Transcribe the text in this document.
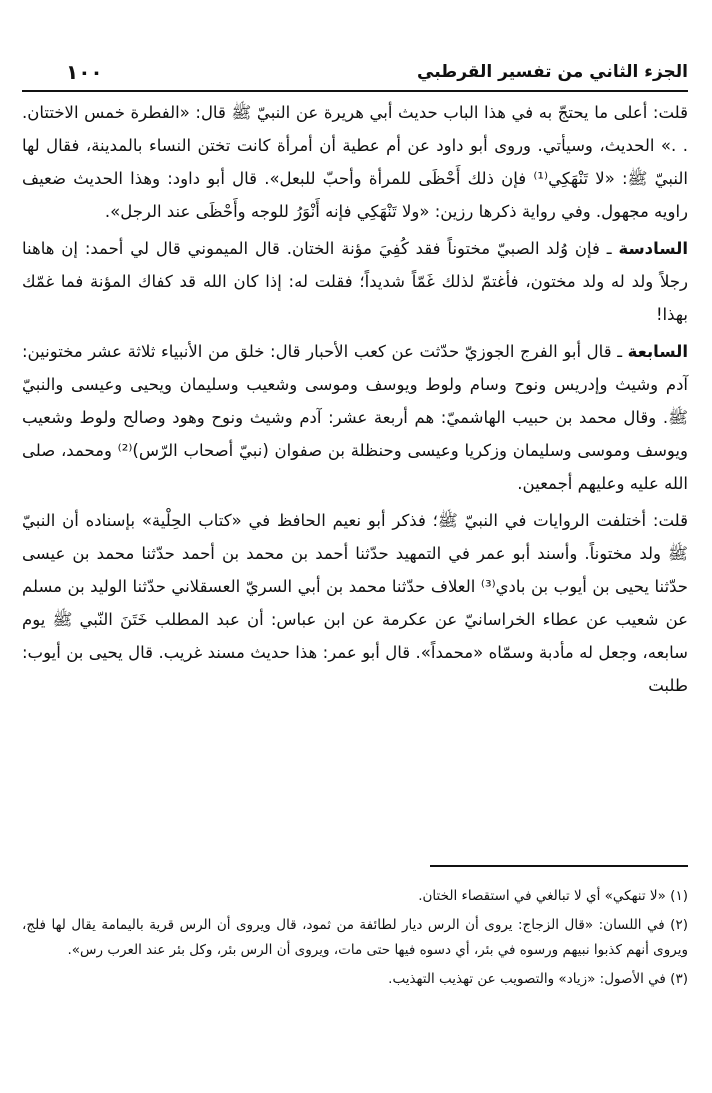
الجزء الثاني من تفسير القرطبي
١٠٠

قلت: أعلى ما يحتجّ به في هذا الباب حديث أبي هريرة عن النبيّ ﷺ قال: «الفطرة خمس الاختتان. . .» الحديث، وسيأتي. وروى أبو داود عن أم عطية أن أمرأة كانت تختن النساء بالمدينة، فقال لها النبيّ ﷺ: «لا تَنْهَكِي⁽¹⁾ فإن ذلك أَحْظَى للمرأة وأحبّ للبعل». قال أبو داود: وهذا الحديث ضعيف راويه مجهول. وفي رواية ذكرها رزين: «ولا تَنْهَكِي فإنه أَنْوَرُ للوجه وأَحْظَى عند الرجل».

السادسة ـ فإن وُلد الصبيّ مختوناً فقد كُفِيَ مؤنة الختان. قال الميموني قال لي أحمد: إن هاهنا رجلاً ولد له ولد مختون، فأغتمّ لذلك غَمّاً شديداً؛ فقلت له: إذا كان الله قد كفاك المؤنة فما غمّك بهذا!

السابعة ـ قال أبو الفرج الجوزيّ حدّثت عن كعب الأحبار قال: خلق من الأنبياء ثلاثة عشر مختونين: آدم وشيث وإدريس ونوح وسام ولوط ويوسف وموسى وشعيب وسليمان ويحيى وعيسى والنبيّ ﷺ. وقال محمد بن حبيب الهاشميّ: هم أربعة عشر: آدم وشيث ونوح وهود وصالح ولوط وشعيب ويوسف وموسى وسليمان وزكريا وعيسى وحنظلة بن صفوان (نبيّ أصحاب الرّس)⁽²⁾ ومحمد، صلى الله عليه وعليهم أجمعين.

قلت: أختلفت الروايات في النبيّ ﷺ؛ فذكر أبو نعيم الحافظ في «كتاب الحِلْية» بإسناده أن النبيّ ﷺ ولد مختوناً. وأسند أبو عمر في التمهيد حدّثنا أحمد بن محمد بن أحمد حدّثنا محمد بن عيسى حدّثنا يحيى بن أيوب بن بادي⁽³⁾ العلاف حدّثنا محمد بن أبي السريّ العسقلاني حدّثنا الوليد بن مسلم عن شعيب عن عطاء الخراسانيّ عن عكرمة عن ابن عباس: أن عبد المطلب خَتَنَ النّبي ﷺ يوم سابعه، وجعل له مأدبة وسمّاه «محمداً». قال أبو عمر: هذا حديث مسند غريب. قال يحيى بن أيوب: طلبت

(١) «لا تنهكي» أي لا تبالغي في استقصاء الختان.

(٢) في اللسان: «قال الزجاج: يروى أن الرس ديار لطائفة من ثمود، قال ويروى أن الرس قرية باليمامة يقال لها فلج، ويروى أنهم كذبوا نبيهم ورسوه في بئر، أي دسوه فيها حتى مات، ويروى أن الرس بئر، وكل بئر عند العرب رس».

(٣) في الأصول: «زياد» والتصويب عن تهذيب التهذيب.
